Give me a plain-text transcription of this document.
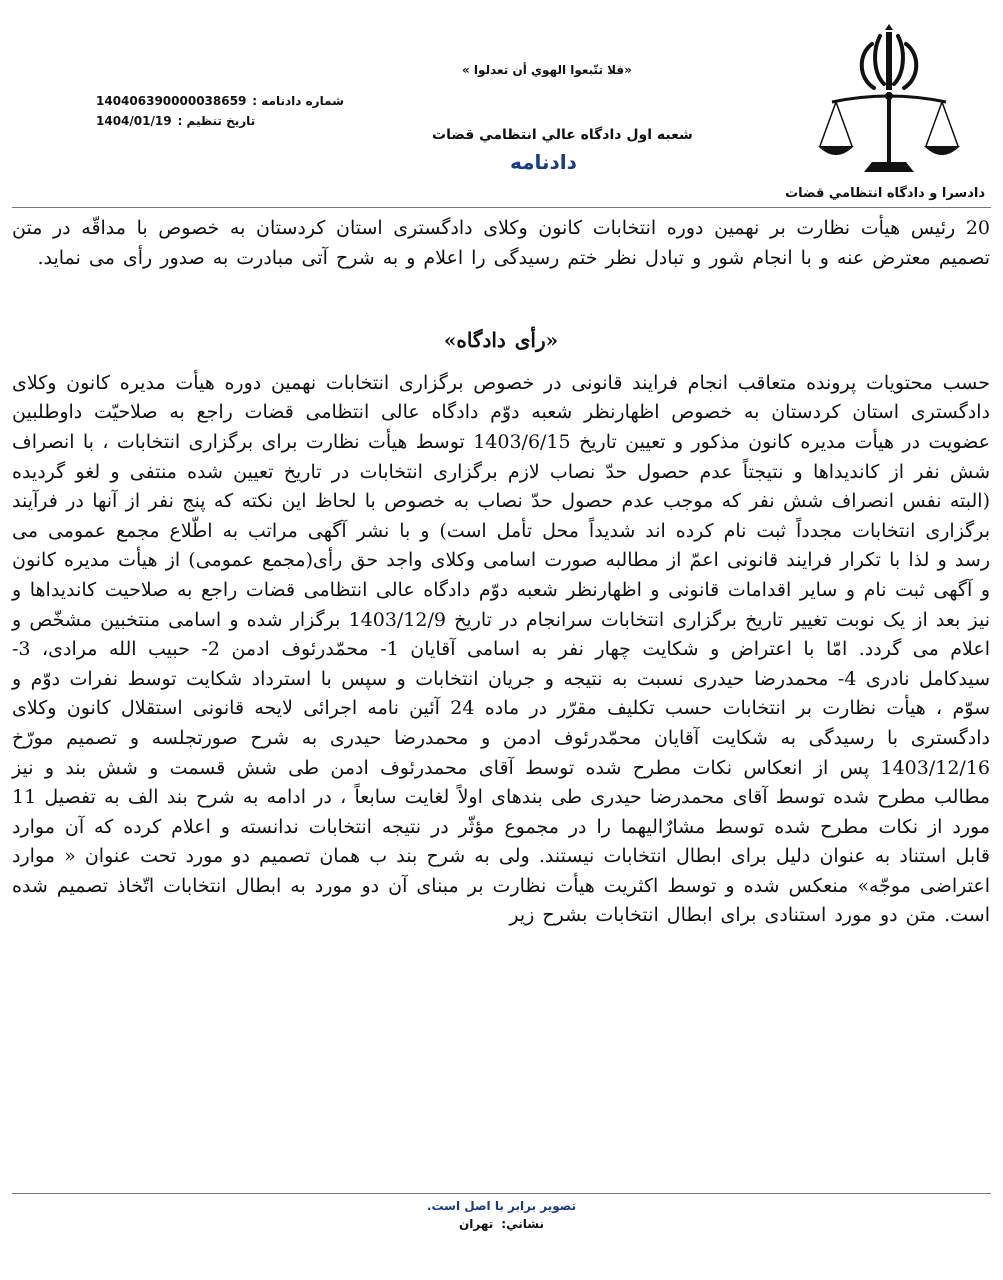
دادسرا و دادگاه انتظامي قضات
«فلا تتّبعوا الهوي أن تعدلوا »
شعبه اول دادگاه عالي انتظامي قضات
دادنامه
شماره دادنامه :
140406390000038659
تاریخ تنظیم :
1404/01/19

20 رئیس هیأت نظارت بر نهمین دوره انتخابات کانون وکلای دادگستری استان کردستان به خصوص با مداقّه در متن تصمیم معترض عنه و با انجام شور و تبادل نظر ختم رسیدگی را اعلام و به شرح آتی مبادرت به صدور رأی می نماید.

«رأی دادگاه»

حسب محتویات پرونده متعاقب انجام فرایند قانونی در خصوص برگزاری انتخابات نهمین دوره هیأت مدیره کانون وکلای دادگستری استان کردستان به خصوص اظهارنظر شعبه دوّم دادگاه عالی انتظامی قضات راجع به صلاحیّت داوطلبین عضویت در هیأت مدیره کانون مذکور و تعیین تاریخ 1403/6/15 توسط هیأت نظارت برای برگزاری انتخابات ، با انصراف شش نفر از کاندیداها و نتیجتاً عدم حصول حدّ نصاب لازم برگزاری انتخابات در تاریخ تعیین شده منتفی و لغو گردیده (البته نفس انصراف شش نفر که موجب عدم حصول حدّ نصاب به خصوص با لحاظ این نکته که پنج نفر از آنها در فرآیند برگزاری انتخابات مجدداً ثبت نام کرده اند شدیداً محل تأمل است) و با نشر آگهی مراتب به اطّلاع مجمع عمومی می رسد و لذا با تکرار فرایند قانونی اعمّ از مطالبه صورت اسامی وکلای واجد حق رأی(مجمع عمومی) از هیأت مدیره کانون و آگهی ثبت نام و سایر اقدامات قانونی و اظهارنظر شعبه دوّم دادگاه عالی انتظامی قضات راجع به صلاحیت کاندیداها و نیز بعد از یک نوبت تغییر تاریخ برگزاری انتخابات سرانجام در تاریخ 1403/12/9 برگزار شده و اسامی منتخبین مشخّص و اعلام می گردد. امّا با اعتراض و شکایت چهار نفر به اسامی آقایان 1- محمّدرئوف ادمن 2- حبیب الله مرادی، 3-سیدکامل نادری 4- محمدرضا حیدری نسبت به نتیجه و جریان انتخابات و سپس با استرداد شکایت توسط نفرات دوّم و سوّم ، هیأت نظارت بر انتخابات حسب تکلیف مقرّر در ماده 24 آئین نامه اجرائی لایحه قانونی استقلال کانون وکلای دادگستری با رسیدگی به شکایت آقایان محمّدرئوف ادمن و محمدرضا حیدری به شرح صورتجلسه و تصمیم مورّخ 1403/12/16 پس از انعکاس نکات مطرح شده توسط آقای محمدرئوف ادمن طی شش قسمت و شش بند و نیز مطالب مطرح شده توسط آقای محمدرضا حیدری طی بندهای اولاً لغایت سابعاً ، در ادامه به شرح بند الف به تفصیل 11 مورد از نکات مطرح شده توسط مشارٌالیهما را در مجموع مؤثّر در نتیجه انتخابات ندانسته و اعلام کرده که آن موارد قابل استناد به عنوان دلیل برای ابطال انتخابات نیستند. ولی به شرح بند ب همان تصمیم دو مورد تحت عنوان « موارد اعتراضی موجّه» منعکس شده و توسط اکثریت هیأت نظارت بر مبنای آن دو مورد به ابطال انتخابات اتّخاذ تصمیم شده است. متن دو مورد استنادی برای ابطال انتخابات بشرح زیر

تصویر برابر با اصل است.
نشاني:
تهران
